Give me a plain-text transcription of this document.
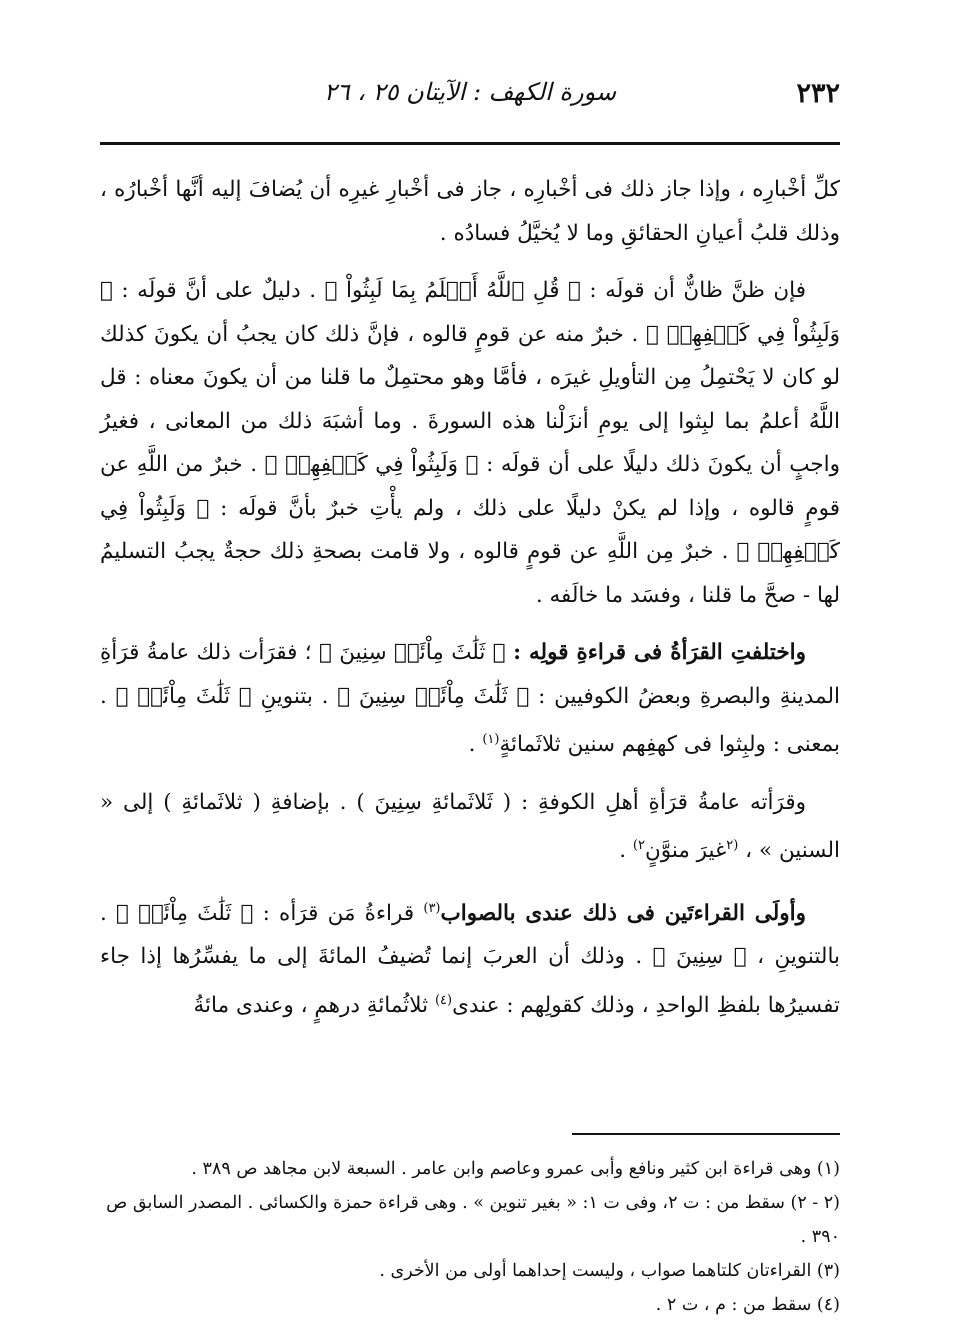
٢٣٢
سورة الكهف : الآيتان ٢٥ ، ٢٦

كلِّ أخْبارِه ، وإذا جاز ذلك فى أخْبارِه ، جاز فى أخْبارِ غيرِه أن يُضافَ إليه أنَّها أخْبارُه ، وذلك قلبُ أعيانِ الحقائقِ وما لا يُخيَّلُ فسادُه .

فإن ظنَّ ظانٌّ أن قولَه : ﴿ قُلِ ٱللَّهُ أَعۡلَمُ بِمَا لَبِثُواْ ﴾ . دليلٌ على أنَّ قولَه : ﴿ وَلَبِثُواْ فِي كَهۡفِهِمۡ ﴾ . خبرٌ منه عن قومٍ قالوه ، فإنَّ ذلك كان يجبُ أن يكونَ كذلك لو كان لا يَحْتمِلُ مِن التأويلِ غيرَه ، فأمَّا وهو محتمِلٌ ما قلنا من أن يكونَ معناه : قل اللَّهُ أعلمُ بما لبِثوا إلى يومِ أنزَلْنا هذه السورةَ . وما أشبَهَ ذلك من المعانى ، فغيرُ واجبٍ أن يكونَ ذلك دليلًا على أن قولَه : ﴿ وَلَبِثُواْ فِي كَهۡفِهِمۡ ﴾ . خبرٌ من اللَّهِ عن قومٍ قالوه ، وإذا لم يكنْ دليلًا على ذلك ، ولم يأْتِ خبرٌ بأنَّ قولَه : ﴿ وَلَبِثُواْ فِي كَهۡفِهِمۡ ﴾ . خبرٌ مِن اللَّهِ عن قومٍ قالوه ، ولا قامت بصحةِ ذلك حجةٌ يجبُ التسليمُ لها - صحَّ ما قلنا ، وفسَد ما خالَفه .

واختلفتِ القرَأةُ فى قراءةِ قولِه : ﴿ ثَلَٰثَ مِاْئَةٖ سِنِينَ ﴾ ؛ فقرَأت ذلك عامةُ قرَأةِ المدينةِ والبصرةِ وبعضُ الكوفيين : ﴿ ثَلَٰثَ مِاْئَةٖ سِنِينَ ﴾ . بتنوينِ ﴿ ثَلَٰثَ مِاْئَةٖ ﴾ . بمعنى : ولبِثوا فى كهفِهم سنين ثلاثَمائةٍ$^{(١)}$ .

وقرَأته عامةُ قرَأةِ أهلِ الكوفةِ : ( ثَلاثَمائةِ سِنِينَ ) . بإضافةِ ( ثلاثَمائةِ ) إلى « السنين » ، $^{(٢}$غيرَ منوَّنٍ$^{٢)}$ .

وأولَى القراءتَين فى ذلك عندى بالصواب$^{(٣)}$ قراءةُ مَن قرَأه : ﴿ ثَلَٰثَ مِاْئَةٖ ﴾ . بالتنوينِ ، ﴿ سِنِينَ ﴾ . وذلك أن العربَ إنما تُضيفُ المائةَ إلى ما يفسِّرُها إذا جاء تفسيرُها بلفظِ الواحدِ ، وذلك كقولِهم : عندى$^{(٤)}$ ثلاثُمائةِ درهمٍ ، وعندى مائةُ

(١) وهى قراءة ابن كثير ونافع وأبى عمرو وعاصم وابن عامر . السبعة لابن مجاهد ص ٣٨٩ .
(٢ - ٢) سقط من : ت ٢، وفى ت ١: « بغير تنوين » . وهى قراءة حمزة والكسائى . المصدر السابق ص ٣٩٠ .
(٣) القراءتان كلتاهما صواب ، وليست إحداهما أولى من الأخرى .
(٤) سقط من : م ، ت ٢ .
